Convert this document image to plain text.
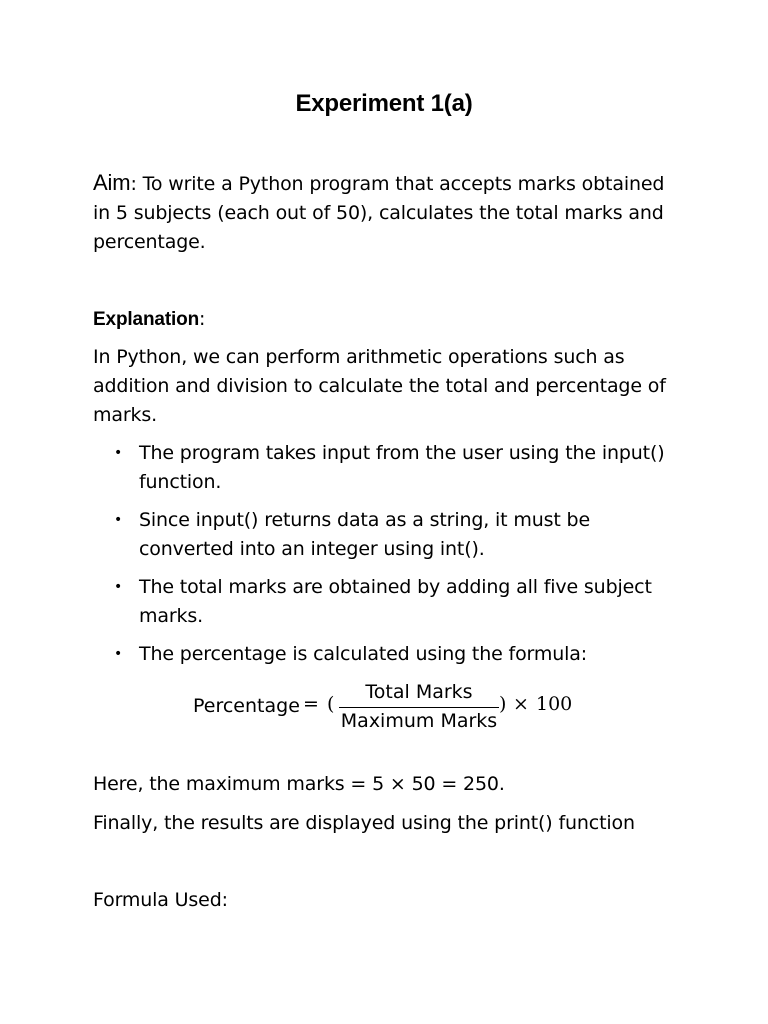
Experiment 1(a)
Aim: To write a Python program that accepts marks obtained in 5 subjects (each out of 50), calculates the total marks and percentage.
Explanation:
In Python, we can perform arithmetic operations such as addition and division to calculate the total and percentage of marks.
• The program takes input from the user using the input() function.
• Since input() returns data as a string, it must be converted into an integer using int().
• The total marks are obtained by adding all five subject marks.
• The percentage is calculated using the formula:
Percentage = (
Total Marks
Maximum Marks
) × 100
Here, the maximum marks = 5 × 50 = 250.
Finally, the results are displayed using the print() function
Formula Used:
